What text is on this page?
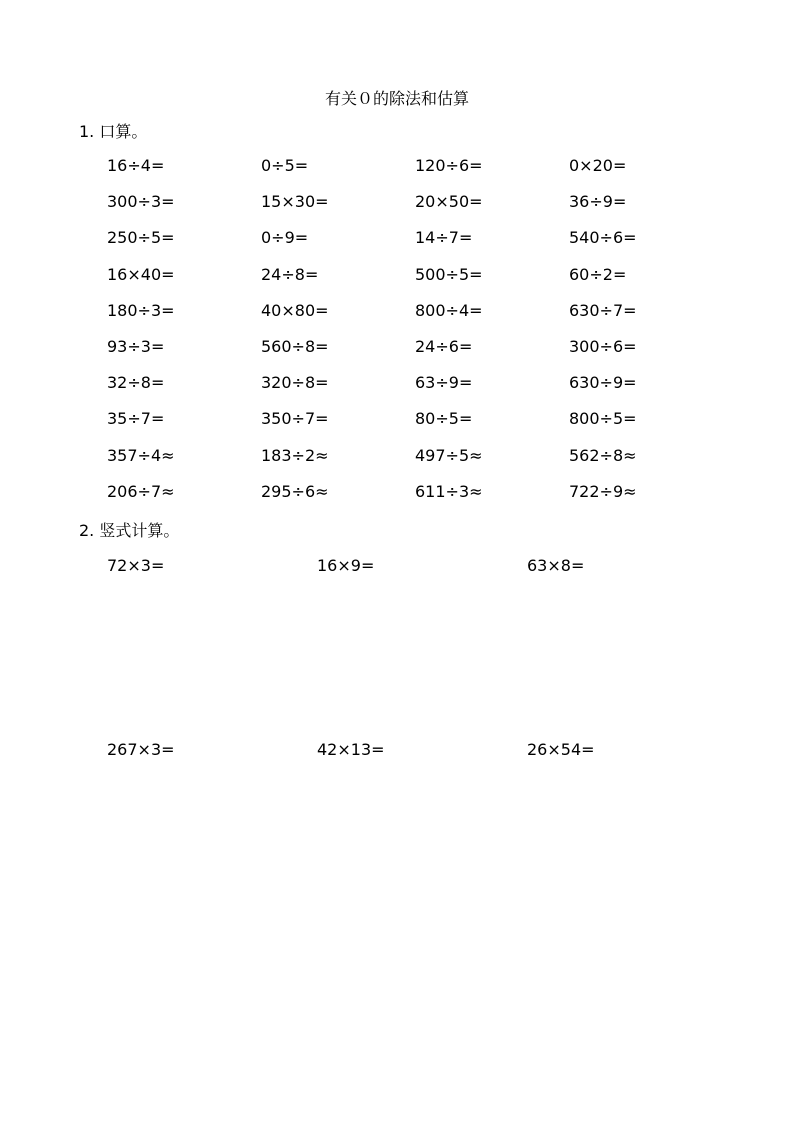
有关０的除法和估算
1. 口算。
16÷4=	0÷5=	120÷6=	0×20=
300÷3=	15×30=	20×50=	36÷9=
250÷5=	0÷9=	14÷7=	540÷6=
16×40=	24÷8=	500÷5=	60÷2=
180÷3=	40×80=	800÷4=	630÷7=
93÷3=	560÷8=	24÷6=	300÷6=
32÷8=	320÷8=	63÷9=	630÷9=
35÷7=	350÷7=	80÷5=	800÷5=
357÷4≈	183÷2≈	497÷5≈	562÷8≈
206÷7≈	295÷6≈	611÷3≈	722÷9≈
2. 竖式计算。
72×3=	16×9=	63×8=
267×3=	42×13=	26×54=
